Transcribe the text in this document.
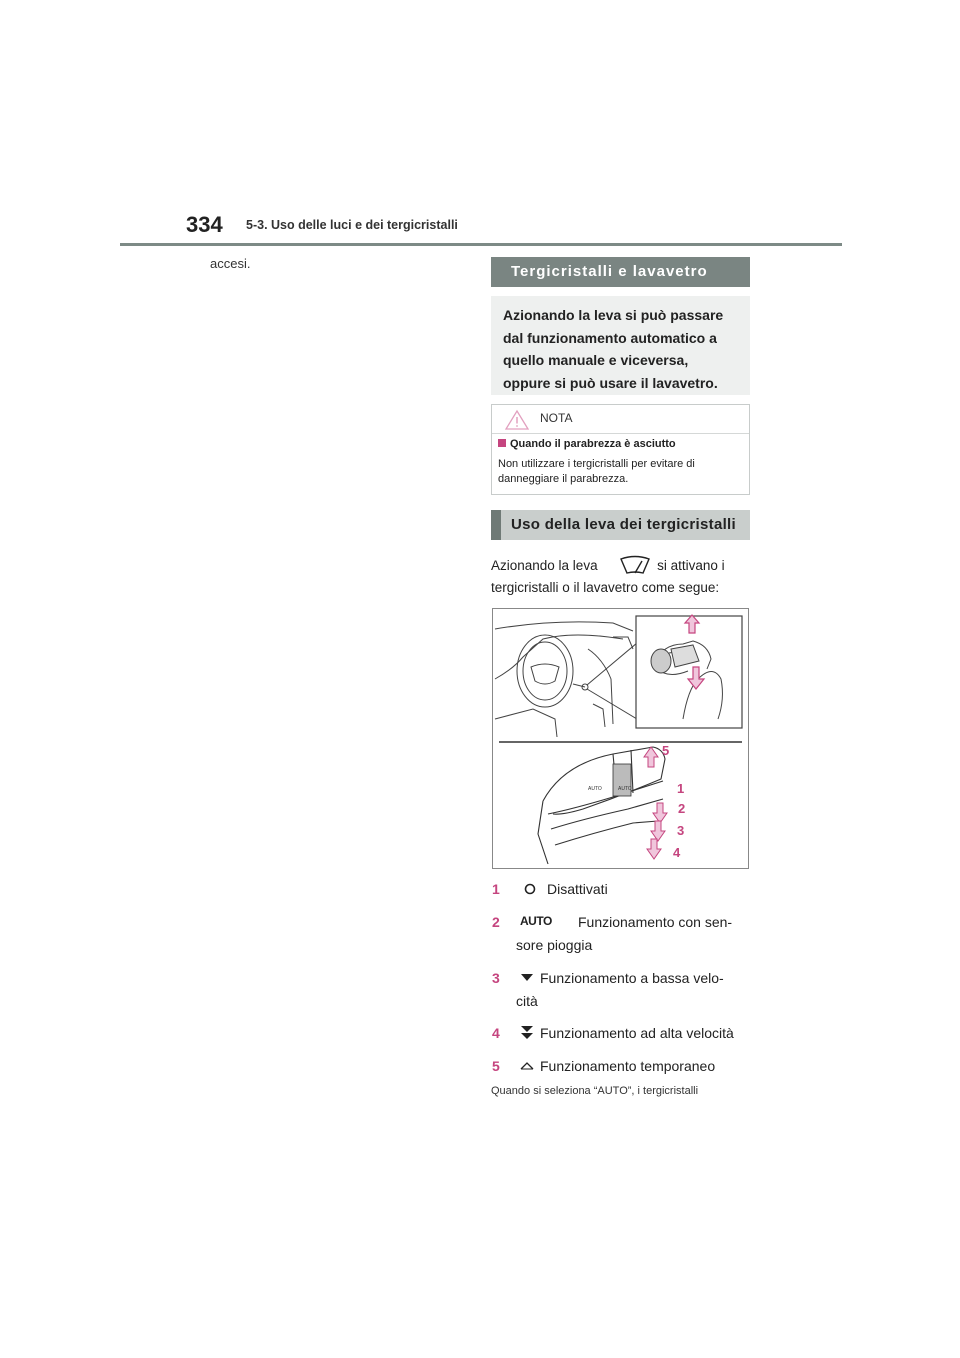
334 5-3. Uso delle luci e dei tergicristalli
accesi.	Tergicristalli e lavavetro
Azionando la leva si può passare
dal funzionamento automatico a
quello manuale e viceversa,
oppure si può usare il lavavetro.
NOTA
Quando il parabrezza è asciutto
Non utilizzare i tergicristalli per evitare di danneggiare il parabrezza.
Uso della leva dei tergicristalli
Azionando la leva	si attivano i tergicristalli o il lavavetro come segue:
AUTO	AUTO
5
1
2
3
4
1	Disattivati
2 AUTO Funzionamento con sen-
sore pioggia
3	Funzionamento a bassa velo-
cità
4	Funzionamento ad alta velocità
5	Funzionamento temporaneo
Quando si seleziona “AUTO”, i tergicristalli
